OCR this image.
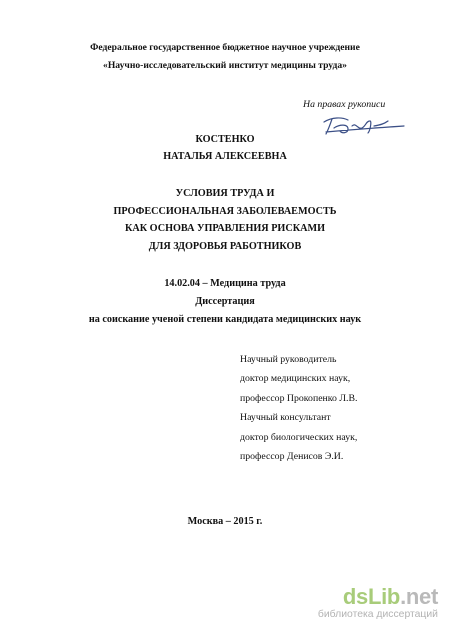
Федеральное государственное бюджетное научное учреждение
«Научно-исследовательский институт медицины труда»
На правах рукописи
КОСТЕНКО
НАТАЛЬЯ АЛЕКСЕЕВНА
УСЛОВИЯ ТРУДА И
ПРОФЕССИОНАЛЬНАЯ ЗАБОЛЕВАЕМОСТЬ
КАК ОСНОВА УПРАВЛЕНИЯ РИСКАМИ
ДЛЯ ЗДОРОВЬЯ РАБОТНИКОВ
14.02.04 – Медицина труда
Диссертация
на соискание ученой степени кандидата медицинских наук
Научный руководитель
доктор медицинских наук,
профессор Прокопенко Л.В.
Научный консультант
доктор биологических наук,
профессор Денисов Э.И.
Москва – 2015 г.
dsLib.net
библиотека диссертаций
